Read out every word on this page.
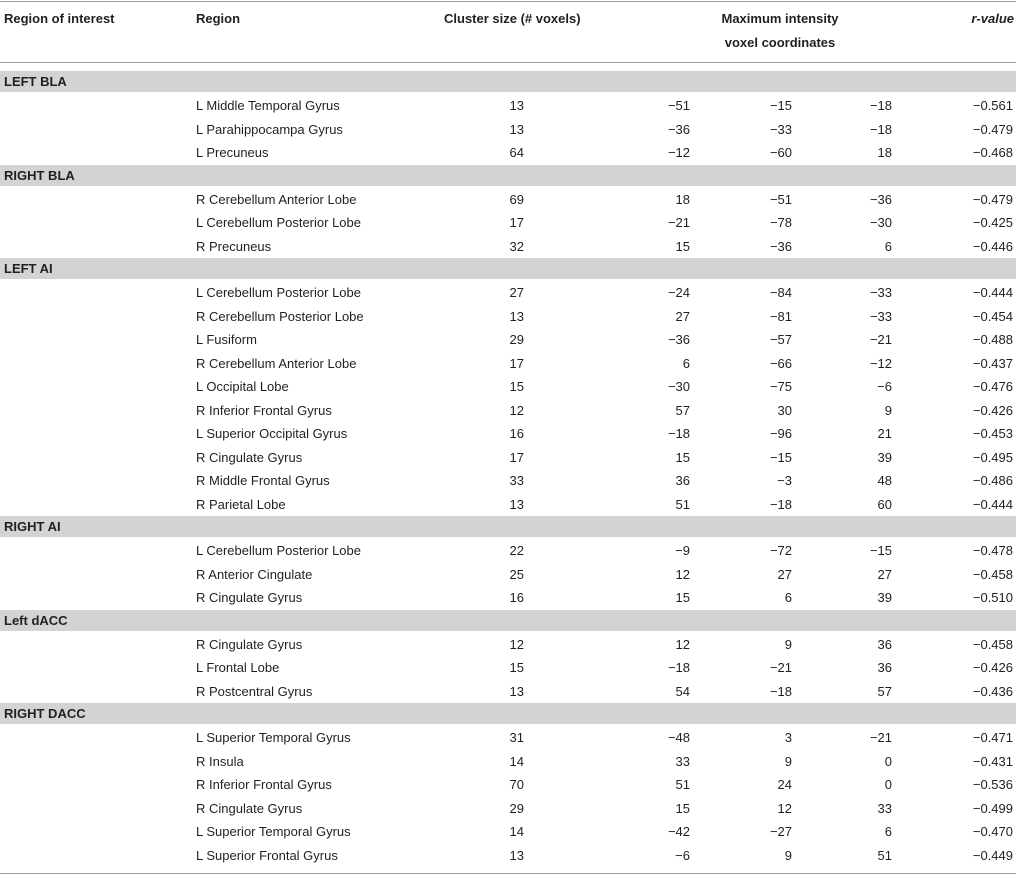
Region of interest	Region	Cluster size (# voxels)	Maximum intensity
voxel coordinates
r-value
LEFT BLA
L Middle Temporal Gyrus	13	−51	−15	−18	−0.561
L Parahippocampa Gyrus	13	−36	−33	−18	−0.479
L Precuneus	64	−12	−60	18	−0.468
RIGHT BLA
R Cerebellum Anterior Lobe	69	18	−51	−36	−0.479
L Cerebellum Posterior Lobe	17	−21	−78	−30	−0.425
R Precuneus	32	15	−36	6	−0.446
LEFT AI
L Cerebellum Posterior Lobe	27	−24	−84	−33	−0.444
R Cerebellum Posterior Lobe	13	27	−81	−33	−0.454
L Fusiform	29	−36	−57	−21	−0.488
R Cerebellum Anterior Lobe	17	6	−66	−12	−0.437
L Occipital Lobe	15	−30	−75	−6	−0.476
R Inferior Frontal Gyrus	12	57	30	9	−0.426
L Superior Occipital Gyrus	16	−18	−96	21	−0.453
R Cingulate Gyrus	17	15	−15	39	−0.495
R Middle Frontal Gyrus	33	36	−3	48	−0.486
R Parietal Lobe	13	51	−18	60	−0.444
RIGHT AI
L Cerebellum Posterior Lobe	22	−9	−72	−15	−0.478
R Anterior Cingulate	25	12	27	27	−0.458
R Cingulate Gyrus	16	15	6	39	−0.510
Left dACC
R Cingulate Gyrus	12	12	9	36	−0.458
L Frontal Lobe	15	−18	−21	36	−0.426
R Postcentral Gyrus	13	54	−18	57	−0.436
RIGHT DACC
L Superior Temporal Gyrus	31	−48	3	−21	−0.471
R Insula	14	33	9	0	−0.431
R Inferior Frontal Gyrus	70	51	24	0	−0.536
R Cingulate Gyrus	29	15	12	33	−0.499
L Superior Temporal Gyrus	14	−42	−27	6	−0.470
L Superior Frontal Gyrus	13	−6	9	51	−0.449
